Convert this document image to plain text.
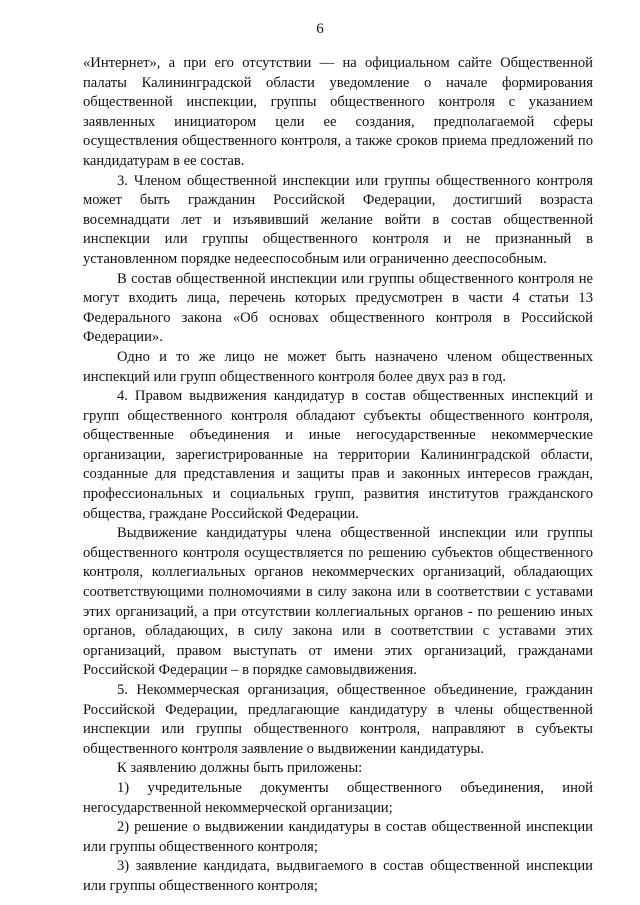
6

«Интернет», а при его отсутствии — на официальном сайте Общественной палаты Калининградской области уведомление о начале формирования общественной инспекции, группы общественного контроля с указанием заявленных инициатором цели ее создания, предполагаемой сферы осуществления общественного контроля, а также сроков приема предложений по кандидатурам в ее состав.

3. Членом общественной инспекции или группы общественного контроля может быть гражданин Российской Федерации, достигший возраста восемнадцати лет и изъявивший желание войти в состав общественной инспекции или группы общественного контроля и не признанный в установленном порядке недееспособным или ограниченно дееспособным.

В состав общественной инспекции или группы общественного контроля не могут входить лица, перечень которых предусмотрен в части 4 статьи 13 Федерального закона «Об основах общественного контроля в Российской Федерации».

Одно и то же лицо не может быть назначено членом общественных инспекций или групп общественного контроля более двух раз в год.

4. Правом выдвижения кандидатур в состав общественных инспекций и групп общественного контроля обладают субъекты общественного контроля, общественные объединения и иные негосударственные некоммерческие организации, зарегистрированные на территории Калининградской области, созданные для представления и защиты прав и законных интересов граждан, профессиональных и социальных групп, развития институтов гражданского общества, граждане Российской Федерации.

Выдвижение кандидатуры члена общественной инспекции или группы общественного контроля осуществляется по решению субъектов общественного контроля, коллегиальных органов некоммерческих организаций, обладающих соответствующими полномочиями в силу закона или в соответствии с уставами этих организаций, а при отсутствии коллегиальных органов - по решению иных органов, обладающих, в силу закона или в соответствии с уставами этих организаций, правом выступать от имени этих организаций, гражданами Российской Федерации – в порядке самовыдвижения.

5. Некоммерческая организация, общественное объединение, гражданин Российской Федерации, предлагающие кандидатуру в члены общественной инспекции или группы общественного контроля, направляют в субъекты общественного контроля заявление о выдвижении кандидатуры.

К заявлению должны быть приложены:

1) учредительные документы общественного объединения, иной негосударственной некоммерческой организации;

2) решение о выдвижении кандидатуры в состав общественной инспекции или группы общественного контроля;

3) заявление кандидата, выдвигаемого в состав общественной инспекции или группы общественного контроля;
